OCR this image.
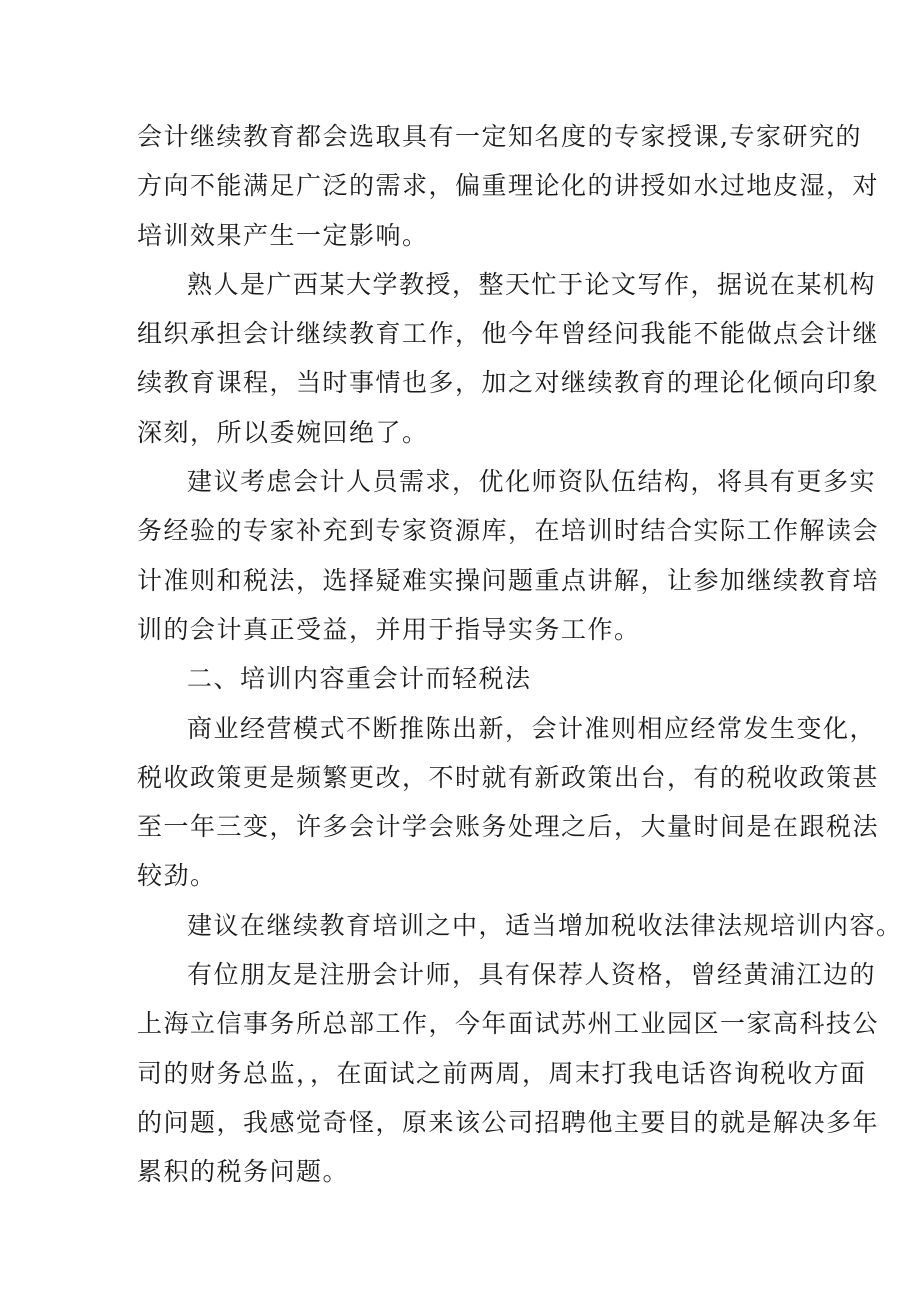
会计继续教育都会选取具有一定知名度的专家授课,专家研究的
方向不能满足广泛的需求，偏重理论化的讲授如水过地皮湿，对
培训效果产生一定影响。

熟人是广西某大学教授，整天忙于论文写作，据说在某机构
组织承担会计继续教育工作，他今年曾经问我能不能做点会计继
续教育课程，当时事情也多，加之对继续教育的理论化倾向印象
深刻，所以委婉回绝了。

建议考虑会计人员需求，优化师资队伍结构，将具有更多实
务经验的专家补充到专家资源库，在培训时结合实际工作解读会
计准则和税法，选择疑难实操问题重点讲解，让参加继续教育培
训的会计真正受益，并用于指导实务工作。

二、培训内容重会计而轻税法

商业经营模式不断推陈出新，会计准则相应经常发生变化，
税收政策更是频繁更改，不时就有新政策出台，有的税收政策甚
至一年三变，许多会计学会账务处理之后，大量时间是在跟税法
较劲。

建议在继续教育培训之中，适当增加税收法律法规培训内容。

有位朋友是注册会计师，具有保荐人资格，曾经黄浦江边的
上海立信事务所总部工作，今年面试苏州工业园区一家高科技公
司的财务总监，，在面试之前两周，周末打我电话咨询税收方面
的问题，我感觉奇怪，原来该公司招聘他主要目的就是解决多年
累积的税务问题。
